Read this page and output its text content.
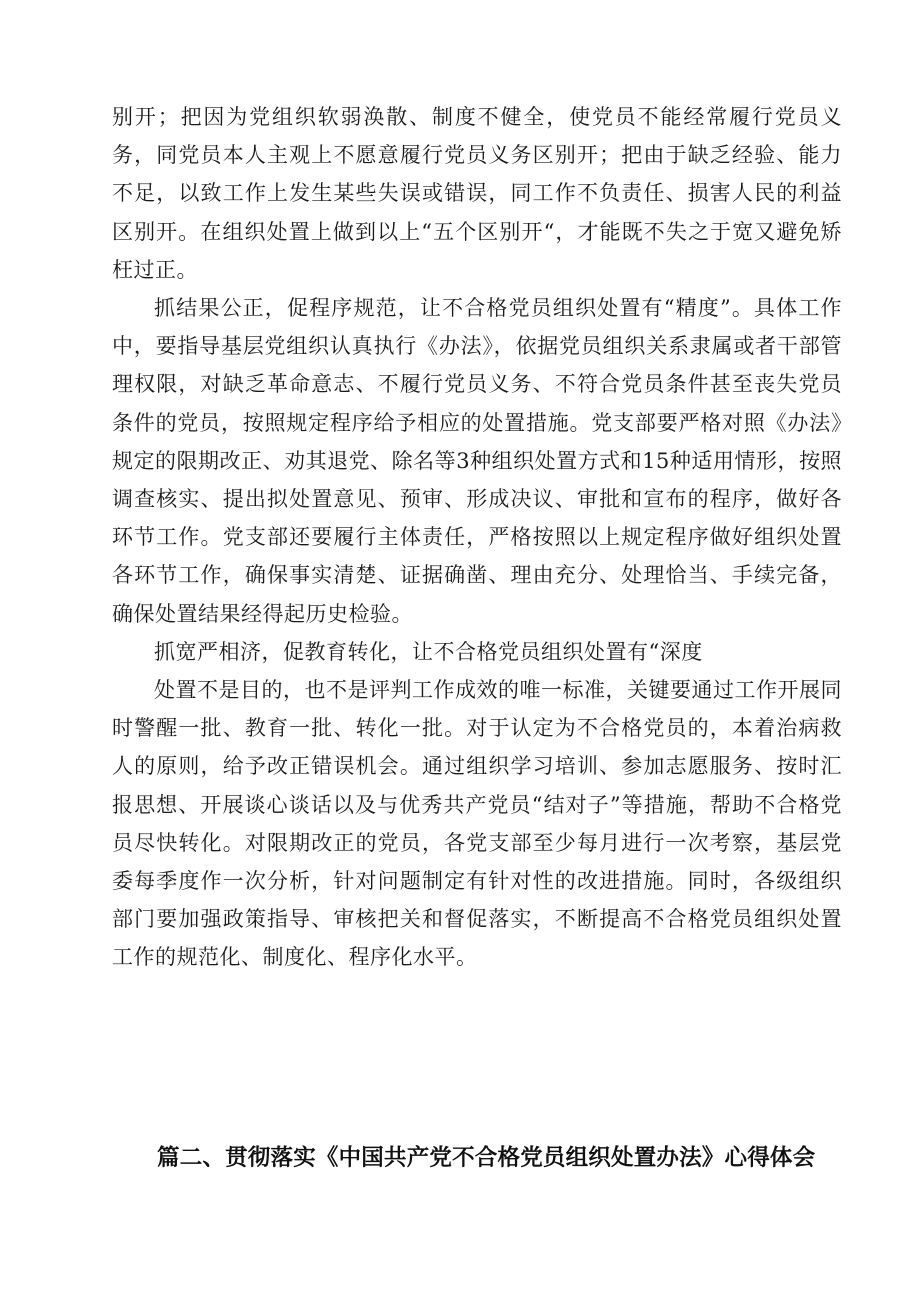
别开；把因为党组织软弱涣散、制度不健全，使党员不能经常履行党员义务，同党员本人主观上不愿意履行党员义务区别开；把由于缺乏经验、能力不足，以致工作上发生某些失误或错误，同工作不负责任、损害人民的利益区别开。在组织处置上做到以上“五个区别开“，才能既不失之于宽又避免矫枉过正。

抓结果公正，促程序规范，让不合格党员组织处置有“精度”。具体工作中，要指导基层党组织认真执行《办法》，依据党员组织关系隶属或者干部管理权限，对缺乏革命意志、不履行党员义务、不符合党员条件甚至丧失党员条件的党员，按照规定程序给予相应的处置措施。党支部要严格对照《办法》规定的限期改正、劝其退党、除名等3种组织处置方式和15种适用情形，按照调查核实、提出拟处置意见、预审、形成决议、审批和宣布的程序，做好各环节工作。党支部还要履行主体责任，严格按照以上规定程序做好组织处置各环节工作，确保事实清楚、证据确凿、理由充分、处理恰当、手续完备，确保处置结果经得起历史检验。

抓宽严相济，促教育转化，让不合格党员组织处置有“深度

处置不是目的，也不是评判工作成效的唯一标准，关键要通过工作开展同时警醒一批、教育一批、转化一批。对于认定为不合格党员的，本着治病救人的原则，给予改正错误机会。通过组织学习培训、参加志愿服务、按时汇报思想、开展谈心谈话以及与优秀共产党员“结对子”等措施，帮助不合格党员尽快转化。对限期改正的党员，各党支部至少每月进行一次考察，基层党委每季度作一次分析，针对问题制定有针对性的改进措施。同时，各级组织部门要加强政策指导、审核把关和督促落实，不断提高不合格党员组织处置工作的规范化、制度化、程序化水平。

篇二、贯彻落实《中国共产党不合格党员组织处置办法》心得体会
